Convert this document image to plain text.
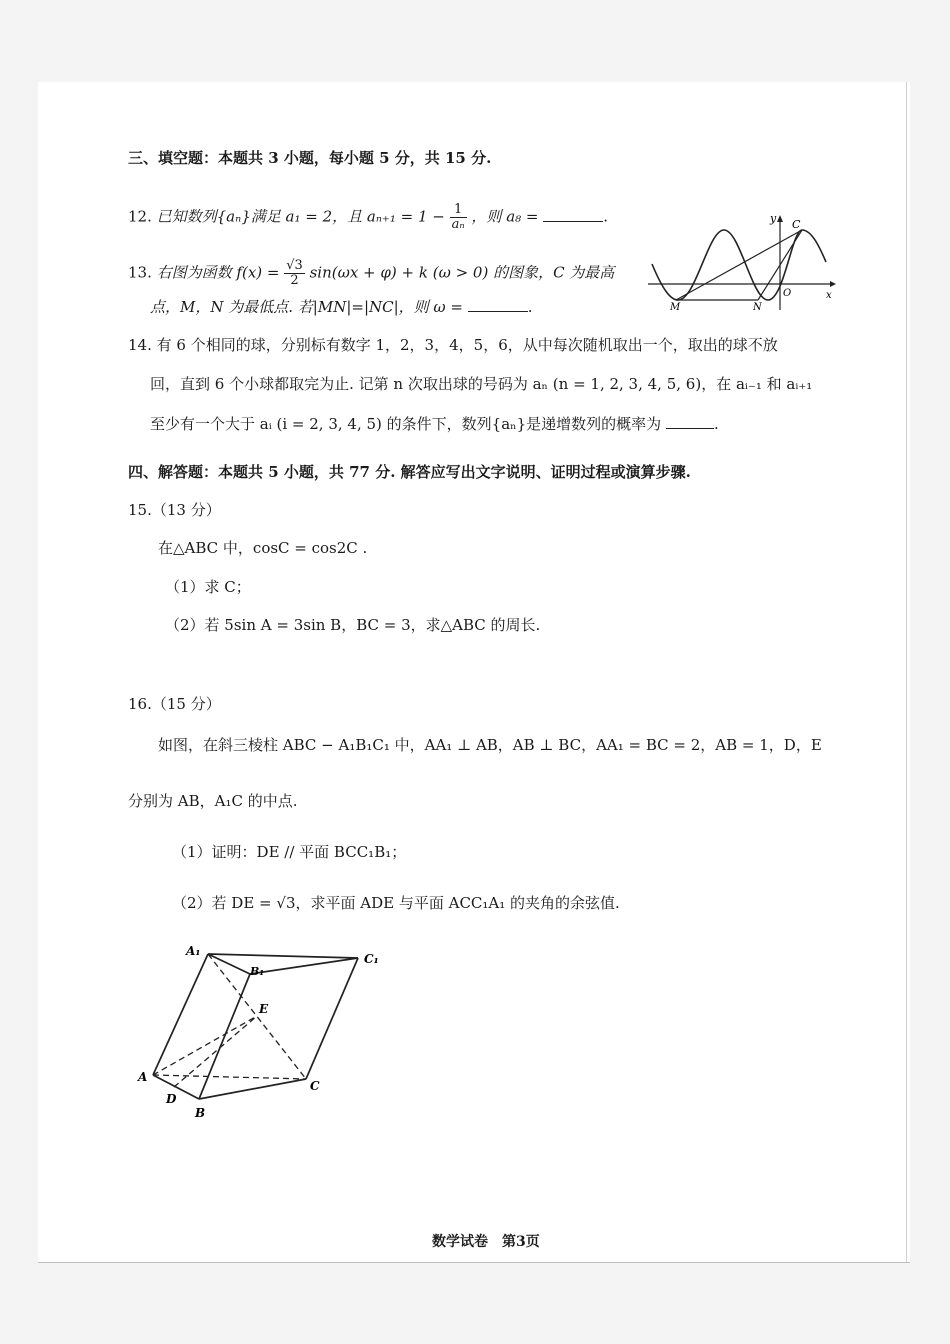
三、填空题：本题共 3 小题，每小题 5 分，共 15 分.
12. 已知数列{aₙ}满足 a₁ = 2，且 $a_{n+1} = 1 - \frac{1}{\text{aₙ}}$ ，则 a₈ =	.
13. 右图为函数 $f(x) = \frac{√3}{2} \sin(\omega x + \varphi) + k$ (ω > 0) 的图象，C 为最高
点，M，N 为最低点. 若|MN|=|NC|，则 ω =	.
y C
M	N
O	x
14. 有 6 个相同的球，分别标有数字 1，2，3，4，5，6，从中每次随机取出一个，取出的球不放
回，直到 6 个小球都取完为止. 记第 n 次取出球的号码为 aₙ (n = 1, 2, 3, 4, 5, 6)，在 aᵢ₋₁ 和 aᵢ₊₁
至少有一个大于 aᵢ (i = 2, 3, 4, 5) 的条件下，数列{aₙ}是递增数列的概率为	.
四、解答题：本题共 5 小题，共 77 分. 解答应写出文字说明、证明过程或演算步骤.
15.（13 分）
在△ABC 中，cosC = cos2C .
（1）求 C；
（2）若 5sin A = 3sin B，BC = 3，求△ABC 的周长.
16.（15 分）
如图，在斜三棱柱 ABC − A₁B₁C₁ 中，AA₁ ⊥ AB，AB ⊥ BC，AA₁ = BC = 2，AB = 1，D，E
分别为 AB，A₁C 的中点.
（1）证明：DE // 平面 BCC₁B₁；
（2）若 DE = √3，求平面 ADE 与平面 ACC₁A₁ 的夹角的余弦值.
A₁
B₁
C₁
E
A
D
B
C
数学试卷　第3页
